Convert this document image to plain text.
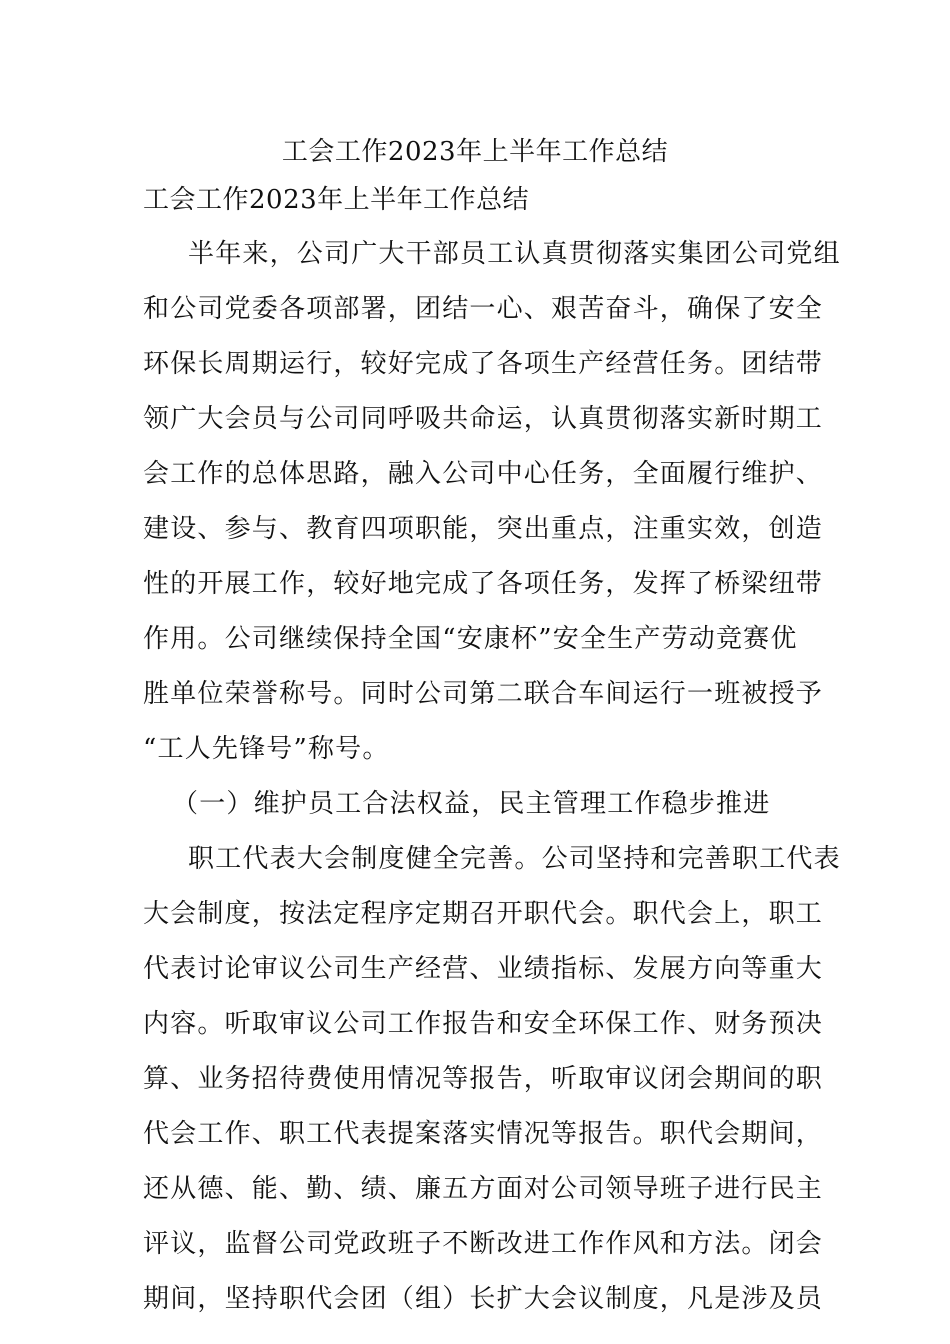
工会工作2023年上半年工作总结
工会工作2023年上半年工作总结
半年来，公司广大干部员工认真贯彻落实集团公司党组
和公司党委各项部署，团结一心、艰苦奋斗，确保了安全
环保长周期运行，较好完成了各项生产经营任务。团结带
领广大会员与公司同呼吸共命运，认真贯彻落实新时期工
会工作的总体思路，融入公司中心任务，全面履行维护、
建设、参与、教育四项职能，突出重点，注重实效，创造
性的开展工作，较好地完成了各项任务，发挥了桥梁纽带
作用。公司继续保持全国“安康杯”安全生产劳动竞赛优
胜单位荣誉称号。同时公司第二联合车间运行一班被授予
“工人先锋号”称号。
（一）维护员工合法权益，民主管理工作稳步推进
职工代表大会制度健全完善。公司坚持和完善职工代表
大会制度，按法定程序定期召开职代会。职代会上，职工
代表讨论审议公司生产经营、业绩指标、发展方向等重大
内容。听取审议公司工作报告和安全环保工作、财务预决
算、业务招待费使用情况等报告，听取审议闭会期间的职
代会工作、职工代表提案落实情况等报告。职代会期间，
还从德、能、勤、绩、廉五方面对公司领导班子进行民主
评议，监督公司党政班子不断改进工作作风和方法。闭会
期间，坚持职代会团（组）长扩大会议制度，凡是涉及员
